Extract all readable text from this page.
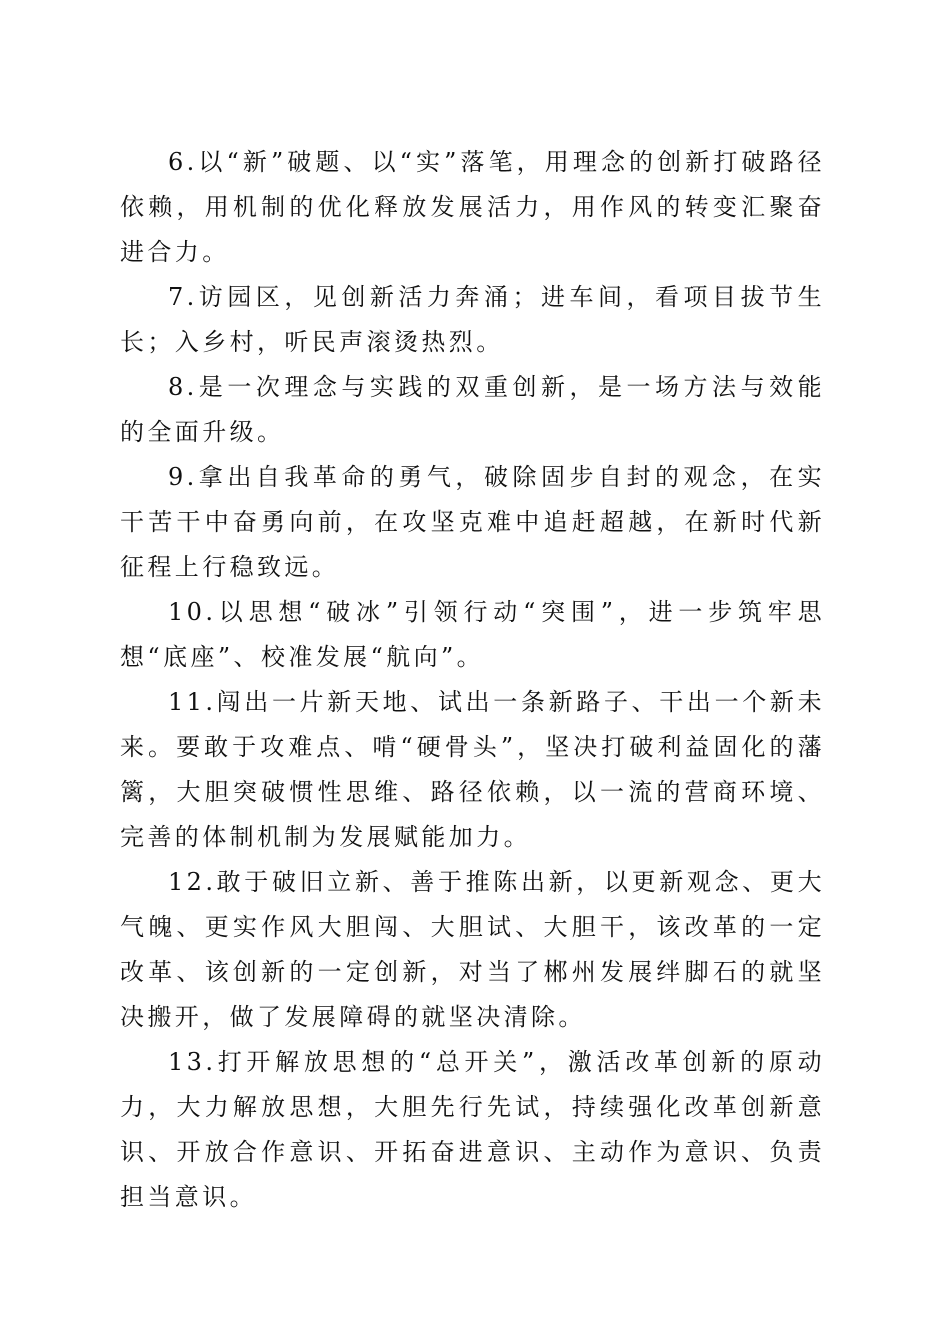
6.以“新”破题、以“实”落笔，用理念的创新打破路径依赖，用机制的优化释放发展活力，用作风的转变汇聚奋进合力。

7.访园区，见创新活力奔涌；进车间，看项目拔节生长；入乡村，听民声滚烫热烈。

8.是一次理念与实践的双重创新，是一场方法与效能的全面升级。

9.拿出自我革命的勇气，破除固步自封的观念，在实干苦干中奋勇向前，在攻坚克难中追赶超越，在新时代新征程上行稳致远。

10.以思想“破冰”引领行动“突围”，进一步筑牢思想“底座”、校准发展“航向”。

11.闯出一片新天地、试出一条新路子、干出一个新未来。要敢于攻难点、啃“硬骨头”，坚决打破利益固化的藩篱，大胆突破惯性思维、路径依赖，以一流的营商环境、完善的体制机制为发展赋能加力。

12.敢于破旧立新、善于推陈出新，以更新观念、更大气魄、更实作风大胆闯、大胆试、大胆干，该改革的一定改革、该创新的一定创新，对当了郴州发展绊脚石的就坚决搬开，做了发展障碍的就坚决清除。

13.打开解放思想的“总开关”，激活改革创新的原动力，大力解放思想，大胆先行先试，持续强化改革创新意识、开放合作意识、开拓奋进意识、主动作为意识、负责担当意识。
